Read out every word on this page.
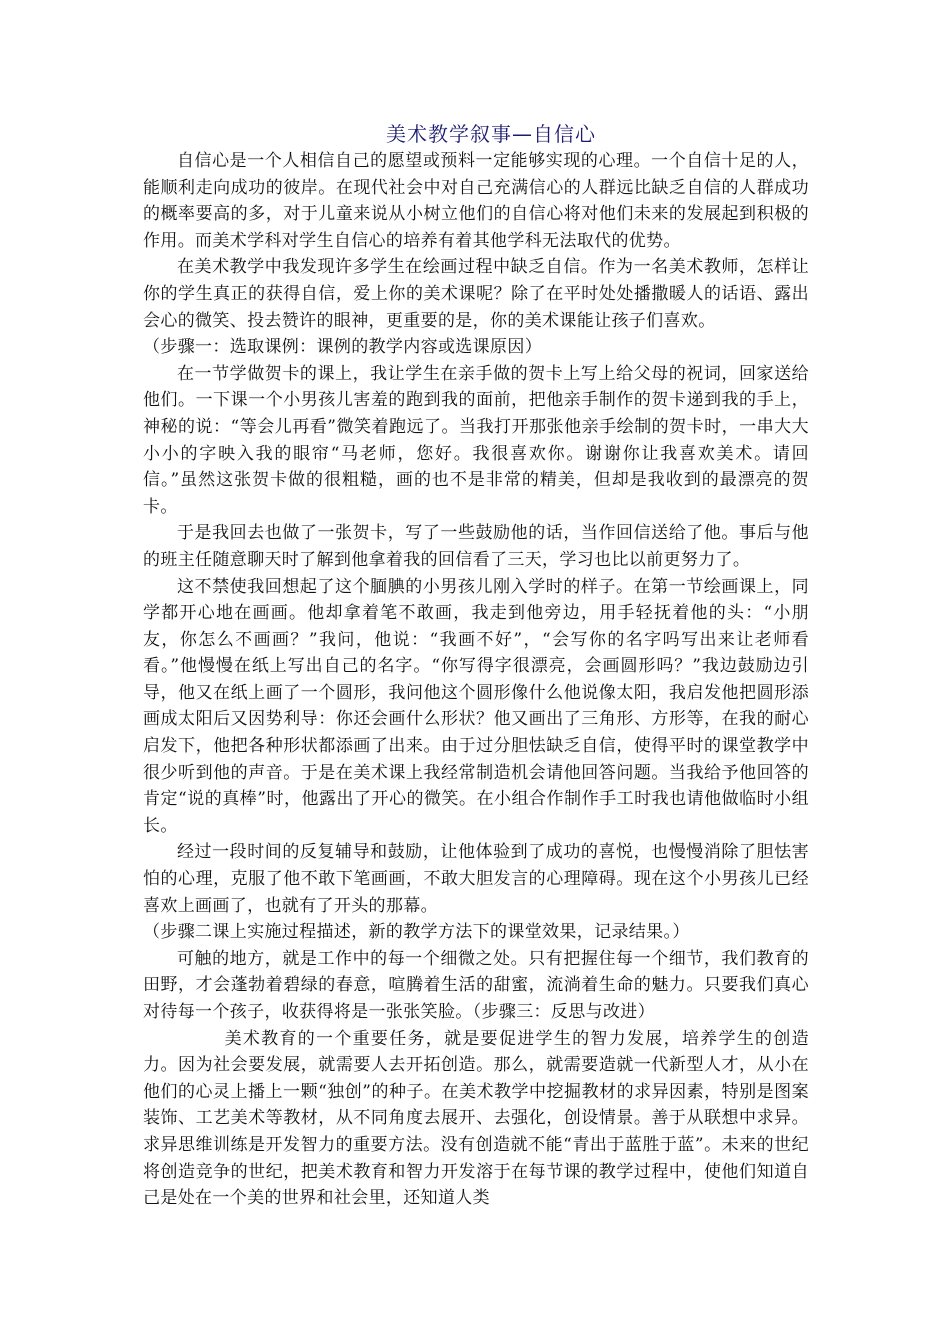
美术教学叙事—自信心
自信心是一个人相信自己的愿望或预料一定能够实现的心理。一个自信十足的人，能顺利走向成功的彼岸。在现代社会中对自己充满信心的人群远比缺乏自信的人群成功的概率要高的多，对于儿童来说从小树立他们的自信心将对他们未来的发展起到积极的作用。而美术学科对学生自信心的培养有着其他学科无法取代的优势。
在美术教学中我发现许多学生在绘画过程中缺乏自信。作为一名美术教师，怎样让你的学生真正的获得自信，爱上你的美术课呢？除了在平时处处播撒暖人的话语、露出会心的微笑、投去赞许的眼神，更重要的是，你的美术课能让孩子们喜欢。
（步骤一：选取课例：课例的教学内容或选课原因）
在一节学做贺卡的课上，我让学生在亲手做的贺卡上写上给父母的祝词，回家送给他们。一下课一个小男孩儿害羞的跑到我的面前，把他亲手制作的贺卡递到我的手上，神秘的说：“等会儿再看”微笑着跑远了。当我打开那张他亲手绘制的贺卡时，一串大大小小的字映入我的眼帘“马老师，您好。我很喜欢你。谢谢你让我喜欢美术。请回信。”虽然这张贺卡做的很粗糙，画的也不是非常的精美，但却是我收到的最漂亮的贺卡。
于是我回去也做了一张贺卡，写了一些鼓励他的话，当作回信送给了他。事后与他的班主任随意聊天时了解到他拿着我的回信看了三天，学习也比以前更努力了。
这不禁使我回想起了这个腼腆的小男孩儿刚入学时的样子。在第一节绘画课上，同学都开心地在画画。他却拿着笔不敢画，我走到他旁边，用手轻抚着他的头：“小朋友，你怎么不画画？”我问，他说：“我画不好”，“会写你的名字吗写出来让老师看看。”他慢慢在纸上写出自己的名字。“你写得字很漂亮，会画圆形吗？”我边鼓励边引导，他又在纸上画了一个圆形，我问他这个圆形像什么他说像太阳，我启发他把圆形添画成太阳后又因势利导：你还会画什么形状？他又画出了三角形、方形等，在我的耐心启发下，他把各种形状都添画了出来。由于过分胆怯缺乏自信，使得平时的课堂教学中很少听到他的声音。于是在美术课上我经常制造机会请他回答问题。当我给予他回答的肯定“说的真棒”时，他露出了开心的微笑。在小组合作制作手工时我也请他做临时小组长。
经过一段时间的反复辅导和鼓励，让他体验到了成功的喜悦，也慢慢消除了胆怯害怕的心理，克服了他不敢下笔画画，不敢大胆发言的心理障碍。现在这个小男孩儿已经喜欢上画画了，也就有了开头的那幕。
（步骤二课上实施过程描述，新的教学方法下的课堂效果，记录结果。）
可触的地方，就是工作中的每一个细微之处。只有把握住每一个细节，我们教育的田野，才会蓬勃着碧绿的春意，喧腾着生活的甜蜜，流淌着生命的魅力。只要我们真心对待每一个孩子，收获得将是一张张笑脸。（步骤三：反思与改进）
美术教育的一个重要任务，就是要促进学生的智力发展，培养学生的创造力。因为社会要发展，就需要人去开拓创造。那么，就需要造就一代新型人才，从小在他们的心灵上播上一颗“独创”的种子。在美术教学中挖掘教材的求异因素，特别是图案装饰、工艺美术等教材，从不同角度去展开、去强化，创设情景。善于从联想中求异。求异思维训练是开发智力的重要方法。没有创造就不能“青出于蓝胜于蓝”。未来的世纪将创造竞争的世纪，把美术教育和智力开发溶于在每节课的教学过程中，使他们知道自己是处在一个美的世界和社会里，还知道人类
